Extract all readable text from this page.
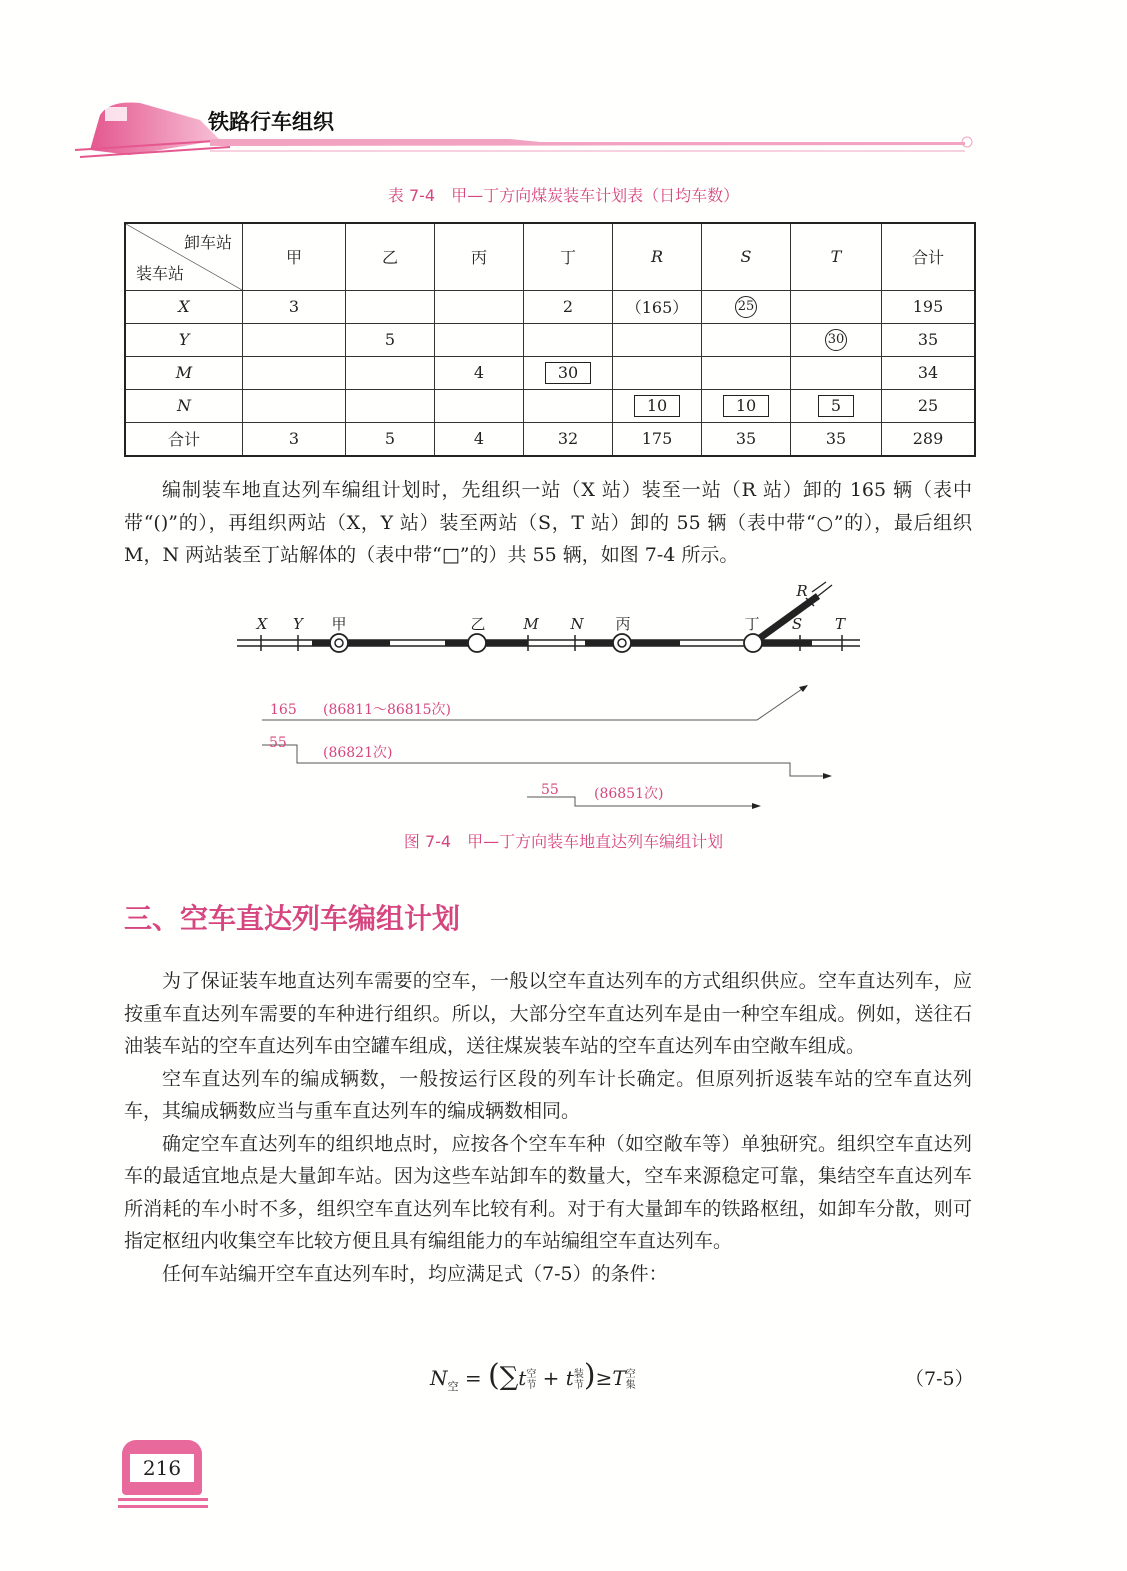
铁路行车组织
表 7-4　甲—丁方向煤炭装车计划表（日均车数）
卸车站
装车站	甲	乙	丙	丁	R	S	T	合计
X	3			2	（165）	25		195
Y		5					30	35
M			4	30				34
N					10	10	5	25
合计	3	5	4	32	175	35	35	289

编制装车地直达列车编组计划时，先组织一站（X 站）装至一站（R 站）卸的 165 辆（表中带“()”的），再组织两站（X，Y 站）装至两站（S，T 站）卸的 55 辆（表中带“○”的），最后组织 M，N 两站装至丁站解体的（表中带“□”的）共 55 辆，如图 7-4 所示。

X Y 甲	乙	M N 丙	丁 S T
R
165 (86811～86815次)
55
(86821次)
55	(86851次)
图 7-4　甲—丁方向装车地直达列车编组计划
三、空车直达列车编组计划

为了保证装车地直达列车需要的空车，一般以空车直达列车的方式组织供应。空车直达列车，应按重车直达列车需要的车种进行组织。所以，大部分空车直达列车是由一种空车组成。例如，送往石油装车站的空车直达列车由空罐车组成，送往煤炭装车站的空车直达列车由空敞车组成。

空车直达列车的编成辆数，一般按运行区段的列车计长确定。但原列折返装车站的空车直达列车，其编成辆数应当与重车直达列车的编成辆数相同。

确定空车直达列车的组织地点时，应按各个空车车种（如空敞车等）单独研究。组织空车直达列车的最适宜地点是大量卸车站。因为这些车站卸车的数量大，空车来源稳定可靠，集结空车直达列车所消耗的车小时不多，组织空车直达列车比较有利。对于有大量卸车的铁路枢纽，如卸车分散，则可指定枢纽内收集空车比较方便且具有编组能力的车站编组空车直达列车。

任何车站编开空车直达列车时，均应满足式（7-5）的条件：

$N_空 = (\sum t$ 空
节 + t 装
节 )≥T 空
集	（7-5）
216
